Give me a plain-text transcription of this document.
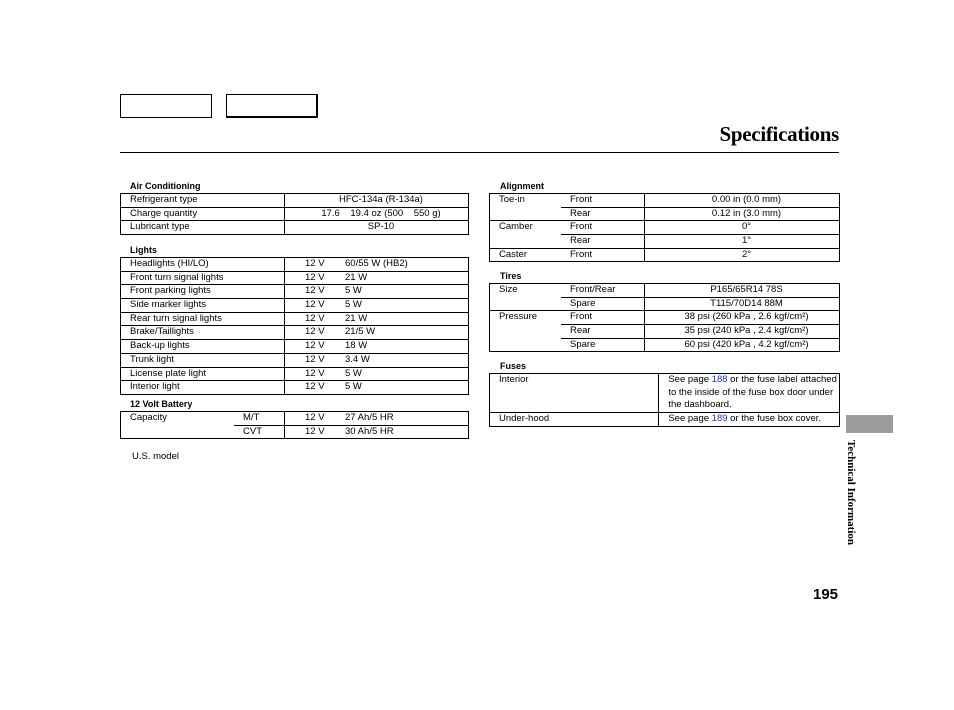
Specifications
Air Conditioning
Refrigerant type	HFC-134a (R-134a)
Charge quantity	17.6    19.4 oz (500    550 g)
Lubricant type	SP-10
Lights
Headlights (HI/LO)	12 V	60/55 W (HB2)
Front turn signal lights	12 V	21 W
Front parking lights	12 V	5 W
Side marker lights	12 V	5 W
Rear turn signal lights	12 V	21 W
Brake/Taillights	12 V	21/5 W
Back-up lights	12 V	18 W
Trunk light	12 V	3.4 W
License plate light	12 V	5 W
Interior light	12 V	5 W
12 Volt Battery
Capacity	M/T	12 V	27 Ah/5 HR
	CVT	12 V	30 Ah/5 HR
U.S. model
Alignment
Toe-in	Front	0.00 in (0.0 mm)
	Rear	0.12 in (3.0 mm)
Camber	Front	0°
	Rear	1°
Caster	Front	2°
Tires
Size	Front/Rear	P165/65R14 78S
	Spare	T115/70D14 88M
Pressure	Front	38 psi (260 kPa , 2.6 kgf/cm²)
	Rear	35 psi (240 kPa , 2.4 kgf/cm²)
	Spare	60 psi (420 kPa , 4.2 kgf/cm²)
Fuses
Interior	See page 188 or the fuse label attached to the inside of the fuse box door under the dashboard.
Under-hood	See page 189 or the fuse box cover.
Technical Information
195
